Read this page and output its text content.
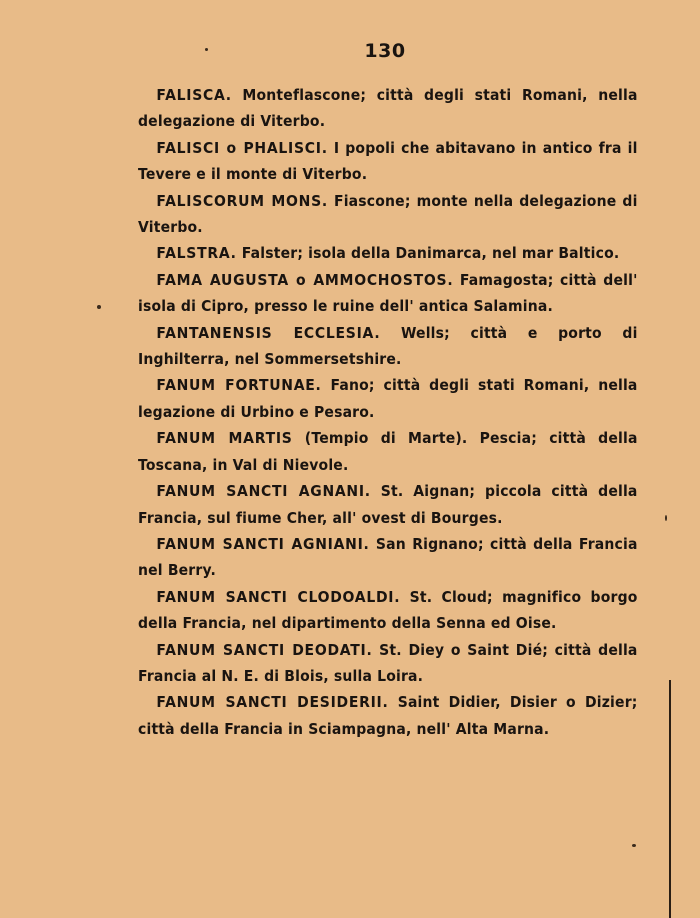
130

FALISCA. Monteflascone; città degli stati Romani, nella delegazione di Viterbo.

FALISCI o PHALISCI. I popoli che abitavano in antico fra il Tevere e il monte di Viterbo.

FALISCORUM MONS. Fiascone; monte nella delegazione di Viterbo.

FALSTRA. Falster; isola della Danimarca, nel mar Baltico.

FAMA AUGUSTA o AMMOCHOSTOS. Famagosta; città dell' isola di Cipro, presso le ruine dell' antica Salamina.

FANTANENSIS ECCLESIA. Wells; città e porto di Inghilterra, nel Sommersetshire.

FANUM FORTUNAE. Fano; città degli stati Romani, nella legazione di Urbino e Pesaro.

FANUM MARTIS (Tempio di Marte). Pescia; città della Toscana, in Val di Nievole.

FANUM SANCTI AGNANI. St. Aignan; piccola città della Francia, sul fiume Cher, all' ovest di Bourges.

FANUM SANCTI AGNIANI. San Rignano; città della Francia nel Berry.

FANUM SANCTI CLODOALDI. St. Cloud; magnifico borgo della Francia, nel dipartimento della Senna ed Oise.

FANUM SANCTI DEODATI. St. Diey o Saint Dié; città della Francia al N. E. di Blois, sulla Loira.

FANUM SANCTI DESIDERII. Saint Didier, Disier o Dizier; città della Francia in Sciampagna, nell' Alta Marna.
